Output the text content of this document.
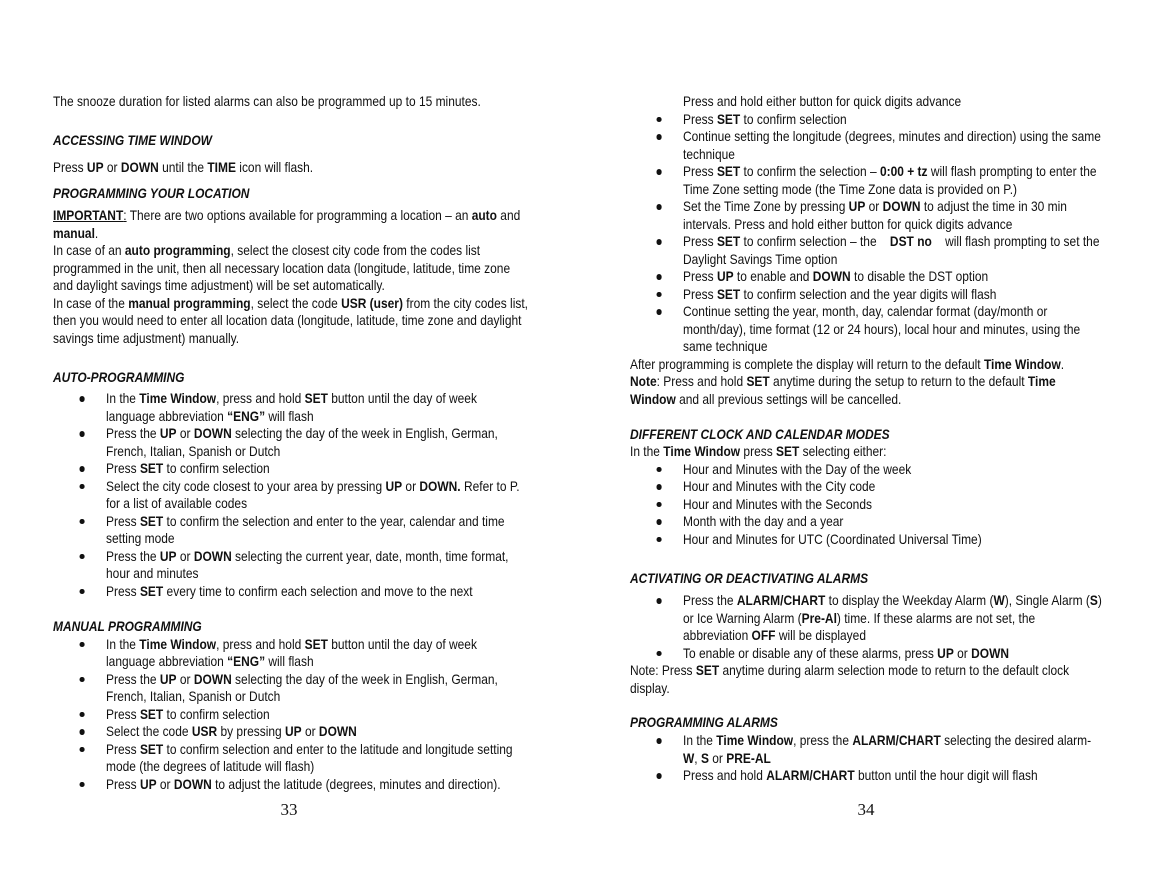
The snooze duration for listed alarms can also be programmed up to 15 minutes.
ACCESSING TIME WINDOW
Press UP or DOWN until the TIME icon will flash.
PROGRAMMING YOUR LOCATION
IMPORTANT: There are two options available for programming a location – an auto and
manual.
In case of an auto programming, select the closest city code from the codes list
programmed in the unit, then all necessary location data (longitude, latitude, time zone
and daylight savings time adjustment) will be set automatically.
In case of the manual programming, select the code USR (user) from the city codes list,
then you would need to enter all location data (longitude, latitude, time zone and daylight
savings time adjustment) manually.
AUTO-PROGRAMMING
In the Time Window, press and hold SET button until the day of week
language abbreviation “ENG” will flash
Press the UP or DOWN selecting the day of the week in English, German,
French, Italian, Spanish or Dutch
Press SET to confirm selection
Select the city code closest to your area by pressing UP or DOWN. Refer to P.
for a list of available codes
Press SET to confirm the selection and enter to the year, calendar and time
setting mode
Press the UP or DOWN selecting the current year, date, month, time format,
hour and minutes
Press SET every time to confirm each selection and move to the next
MANUAL PROGRAMMING
In the Time Window, press and hold SET button until the day of week
language abbreviation “ENG” will flash
Press the UP or DOWN selecting the day of the week in English, German,
French, Italian, Spanish or Dutch
Press SET to confirm selection
Select the code USR by pressing UP or DOWN
Press SET to confirm selection and enter to the latitude and longitude setting
mode (the degrees of latitude will flash)
Press UP or DOWN to adjust the latitude (degrees, minutes and direction).
33
Press and hold either button for quick digits advance
Press SET to confirm selection
Continue setting the longitude (degrees, minutes and direction) using the same
technique
Press SET to confirm the selection – 0:00 + tz will flash prompting to enter the
Time Zone setting mode (the Time Zone data is provided on P.)
Set the Time Zone by pressing UP or DOWN to adjust the time in 30 min
intervals. Press and hold either button for quick digits advance
Press SET to confirm selection – the    DST no    will flash prompting to set the
Daylight Savings Time option
Press UP to enable and DOWN to disable the DST option
Press SET to confirm selection and the year digits will flash
Continue setting the year, month, day, calendar format (day/month or
month/day), time format (12 or 24 hours), local hour and minutes, using the
same technique
After programming is complete the display will return to the default Time Window.
Note: Press and hold SET anytime during the setup to return to the default Time
Window and all previous settings will be cancelled.
DIFFERENT CLOCK AND CALENDAR MODES
In the Time Window press SET selecting either:
Hour and Minutes with the Day of the week
Hour and Minutes with the City code
Hour and Minutes with the Seconds
Month with the day and a year
Hour and Minutes for UTC (Coordinated Universal Time)
ACTIVATING OR DEACTIVATING ALARMS
Press the ALARM/CHART to display the Weekday Alarm (W), Single Alarm (S)
or Ice Warning Alarm (Pre-Al) time. If these alarms are not set, the
abbreviation OFF will be displayed
To enable or disable any of these alarms, press UP or DOWN
Note: Press SET anytime during alarm selection mode to return to the default clock
display.
PROGRAMMING ALARMS
In the Time Window, press the ALARM/CHART selecting the desired alarm-
W, S or PRE-AL
Press and hold ALARM/CHART button until the hour digit will flash
34
